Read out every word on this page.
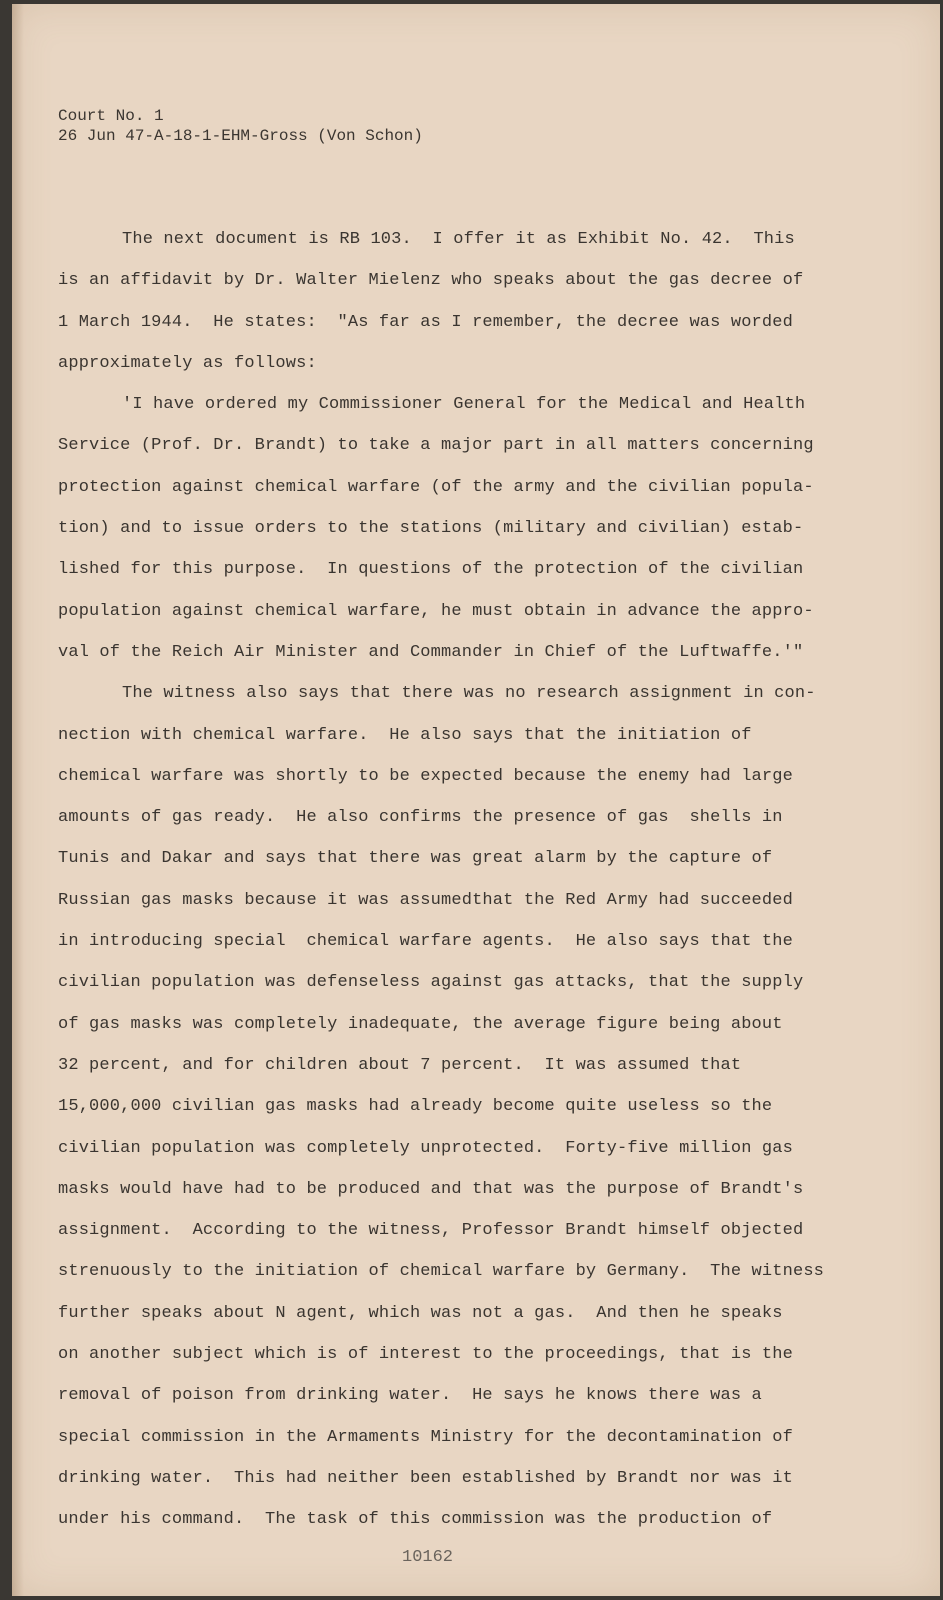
Court No. 1
26 Jun 47-A-18-1-EHM-Gross (Von Schon)
The next document is RB 103.  I offer it as Exhibit No. 42.  This
is an affidavit by Dr. Walter Mielenz who speaks about the gas decree of
1 March 1944.  He states:  "As far as I remember, the decree was worded
approximately as follows:
'I have ordered my Commissioner General for the Medical and Health
Service (Prof. Dr. Brandt) to take a major part in all matters concerning
protection against chemical warfare (of the army and the civilian popula-
tion) and to issue orders to the stations (military and civilian) estab-
lished for this purpose.  In questions of the protection of the civilian
population against chemical warfare, he must obtain in advance the appro-
val of the Reich Air Minister and Commander in Chief of the Luftwaffe.'"
The witness also says that there was no research assignment in con-
nection with chemical warfare.  He also says that the initiation of
chemical warfare was shortly to be expected because the enemy had large
amounts of gas ready.  He also confirms the presence of gas  shells in
Tunis and Dakar and says that there was great alarm by the capture of
Russian gas masks because it was assumedthat the Red Army had succeeded
in introducing special  chemical warfare agents.  He also says that the
civilian population was defenseless against gas attacks, that the supply
of gas masks was completely inadequate, the average figure being about
32 percent, and for children about 7 percent.  It was assumed that
15,000,000 civilian gas masks had already become quite useless so the
civilian population was completely unprotected.  Forty-five million gas
masks would have had to be produced and that was the purpose of Brandt's
assignment.  According to the witness, Professor Brandt himself objected
strenuously to the initiation of chemical warfare by Germany.  The witness
further speaks about N agent, which was not a gas.  And then he speaks
on another subject which is of interest to the proceedings, that is the
removal of poison from drinking water.  He says he knows there was a
special commission in the Armaments Ministry for the decontamination of
drinking water.  This had neither been established by Brandt nor was it
under his command.  The task of this commission was the production of
10162
